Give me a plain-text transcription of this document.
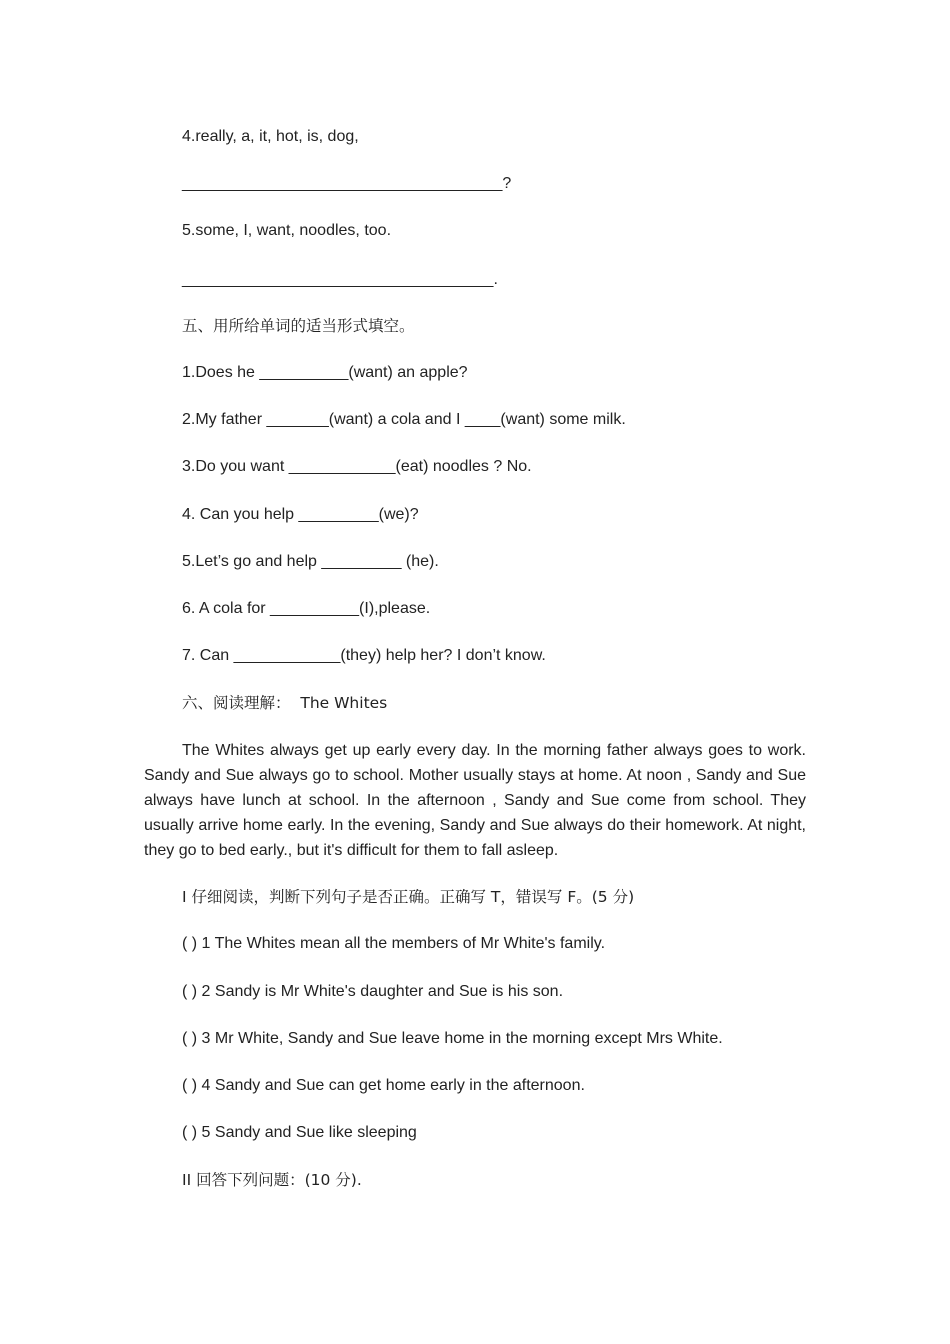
4.really, a, it, hot, is, dog,
____________________________________?
5.some, I, want, noodles, too.
___________________________________.
五、用所给单词的适当形式填空。
1.Does he __________(want) an apple?
2.My father _______(want) a cola and I ____(want) some milk.
3.Do you want ____________(eat) noodles ? No.
4. Can you help _________(we)?
5.Let’s go and help _________ (he).
6. A cola for __________(I),please.
7. Can ____________(they) help her? I don’t know.
六、阅读理解：  The Whites

The Whites always get up early every day. In the morning father always goes to work. Sandy and Sue always go to school. Mother usually stays at home. At noon , Sandy and Sue always have lunch at school. In the afternoon , Sandy and Sue come from school. They usually arrive home early. In the evening, Sandy and Sue always do their homework. At night, they go to bed early., but it's difficult for them to fall asleep.

I 仔细阅读，判断下列句子是否正确。正确写 T，错误写 F。(5 分)
( ) 1 The Whites mean all the members of Mr White's family.
( ) 2 Sandy is Mr White's daughter and Sue is his son.
( ) 3 Mr White, Sandy and Sue leave home in the morning except Mrs White.
( ) 4 Sandy and Sue can get home early in the afternoon.
( ) 5 Sandy and Sue like sleeping
II 回答下列问题：(10 分).
